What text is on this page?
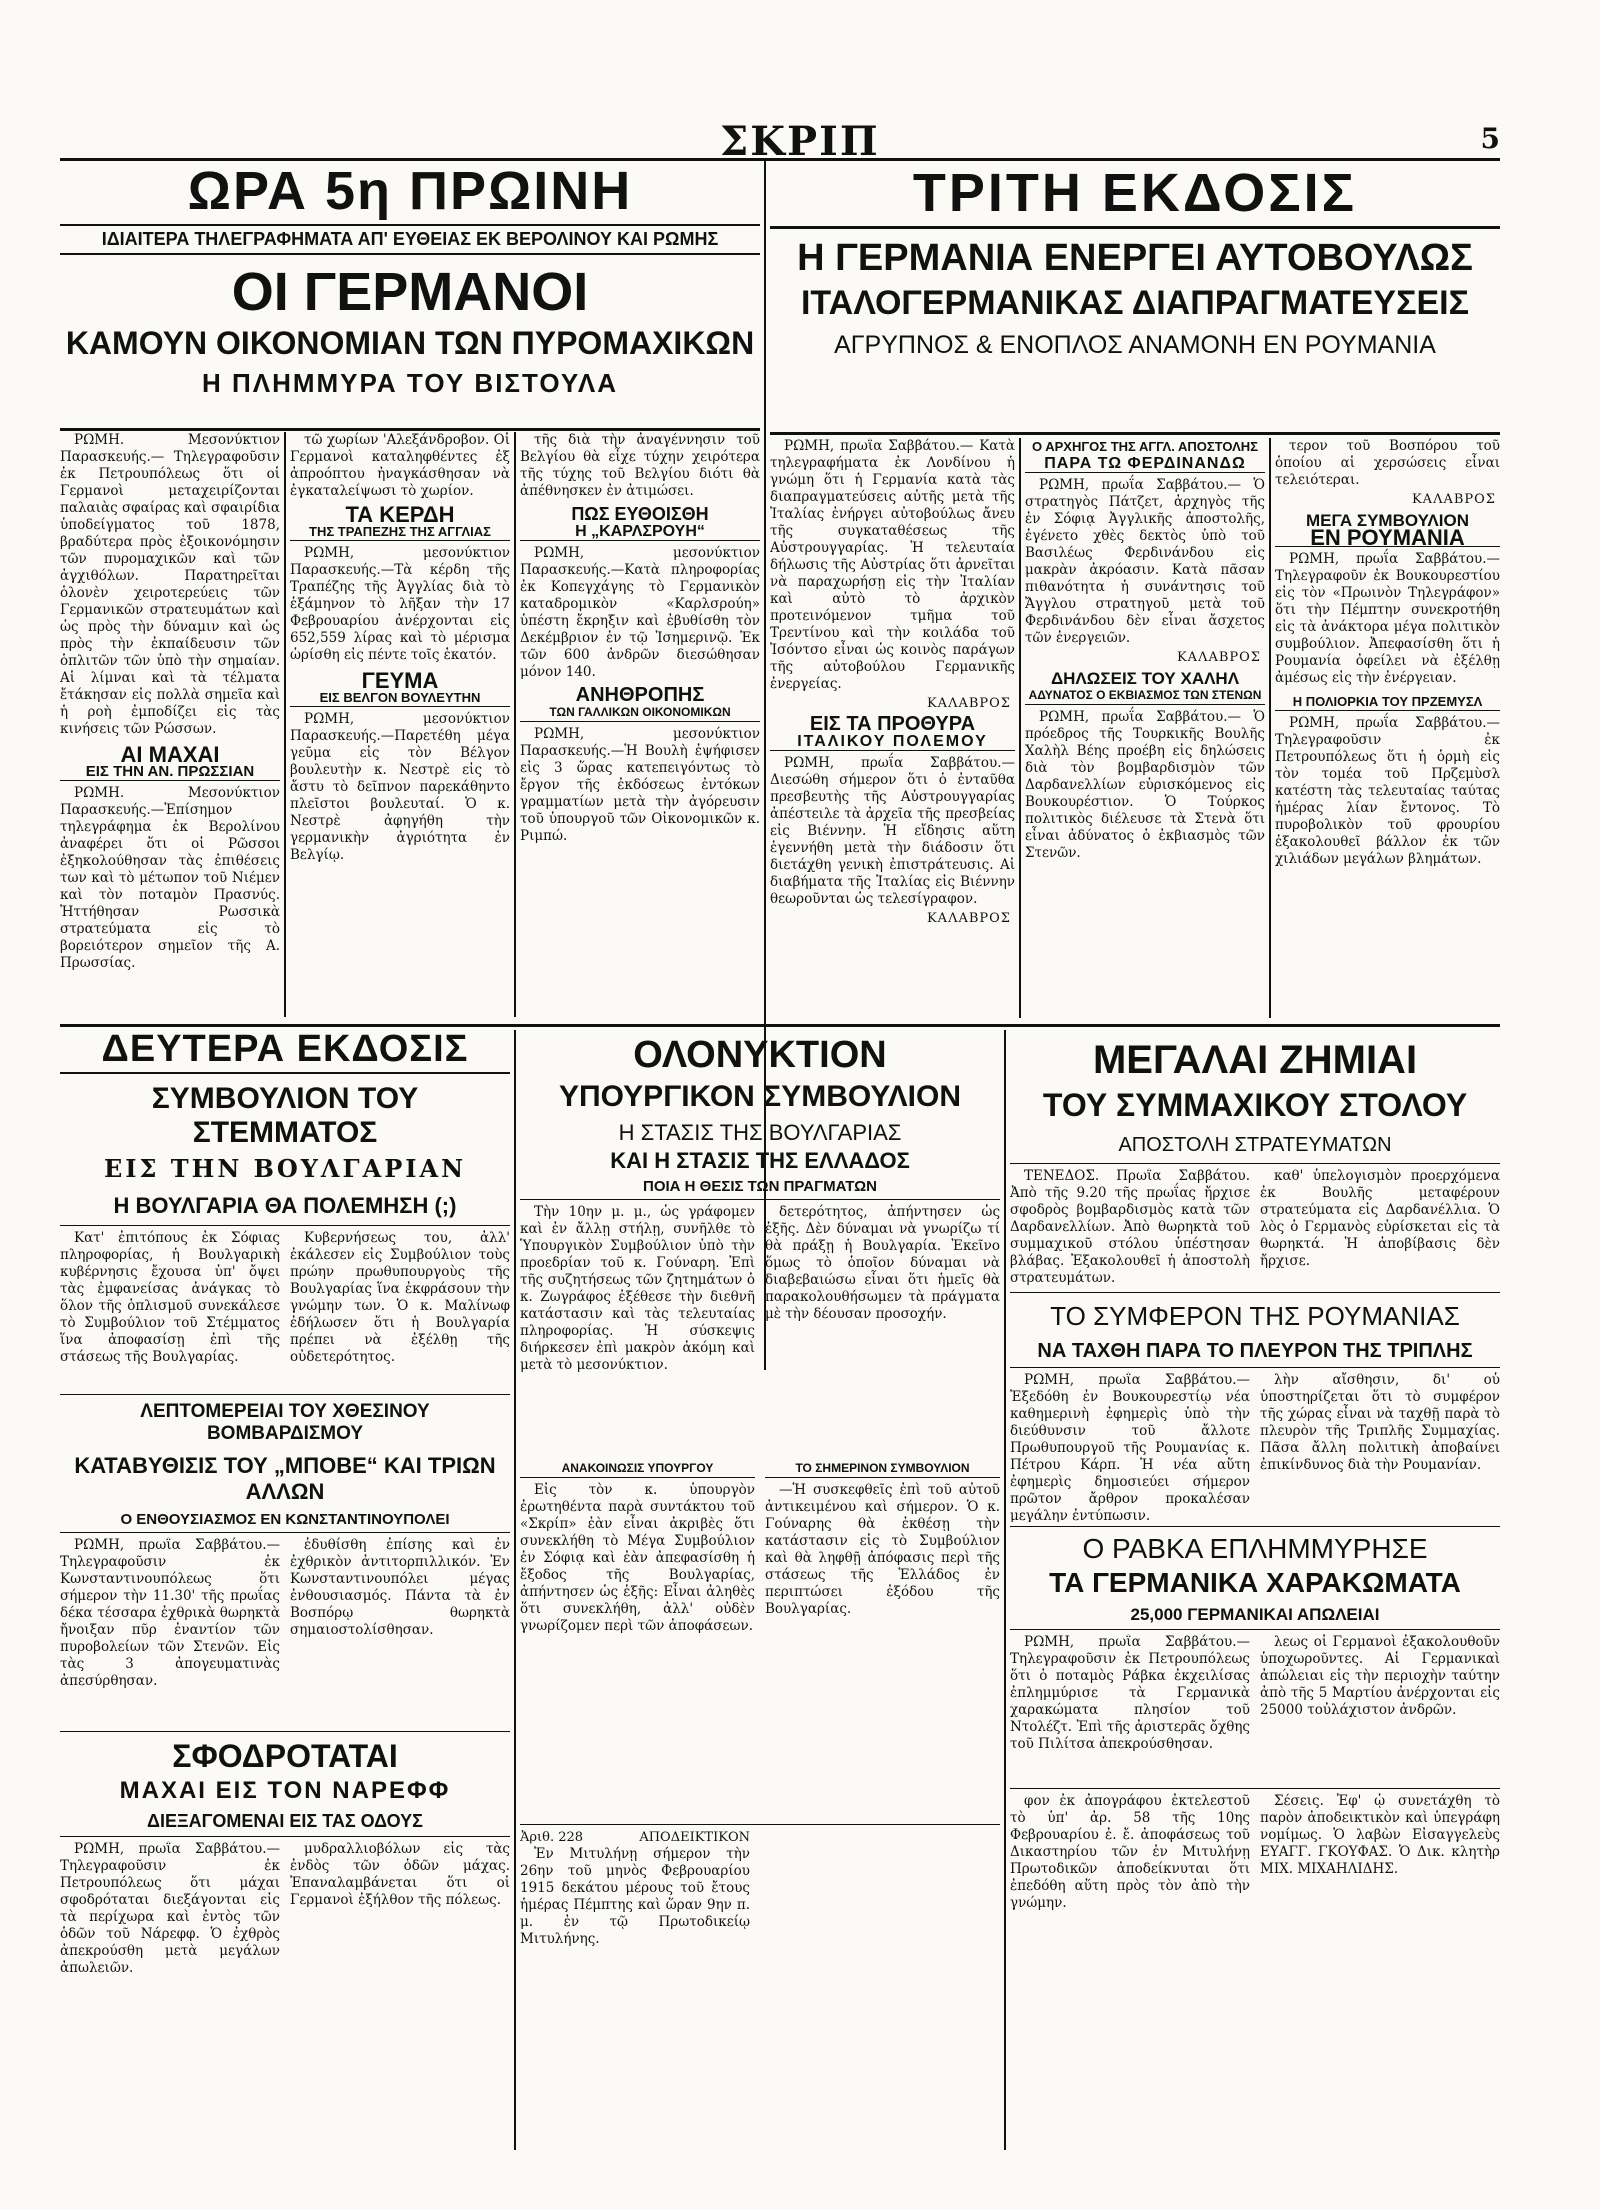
ΣΚΡΙΠ	5
ΩΡΑ 5η ΠΡΩΙΝΗ
ΙΔΙΑΙΤΕΡΑ ΤΗΛΕΓΡΑΦΗΜΑΤΑ ΑΠ' ΕΥΘΕΙΑΣ ΕΚ ΒΕΡΟΛΙΝΟΥ ΚΑΙ ΡΩΜΗΣ
ΟΙ ΓΕΡΜΑΝΟΙ
ΚΑΜΟΥΝ ΟΙΚΟΝΟΜΙΑΝ ΤΩΝ ΠΥΡΟΜΑΧΙΚΩΝ
Η ΠΛΗΜΜΥΡΑ ΤΟΥ ΒΙΣΤΟΥΛΑ

ΡΩΜΗ. Μεσονύκτιον Παρασκευής.— Τηλεγραφοῦσιν ἐκ Πετρουπόλεως ὅτι οἱ Γερμανοὶ μεταχειρίζονται παλαιὰς σφαίρας καὶ σφαιρίδια ὑποδείγματος τοῦ 1878, βραδύτερα πρὸς ἐξοικονόμησιν τῶν πυρομαχικῶν καὶ τῶν ἀγχιθόλων. Παρατηρεῖται ὁλονὲν χειροτερεύεις τῶν Γερμανικῶν στρατευμάτων καὶ ὡς πρὸς τὴν δύναμιν καὶ ὡς πρὸς τὴν ἐκπαίδευσιν τῶν ὁπλιτῶν τῶν ὑπὸ τὴν σημαίαν. Αἱ λίμναι καὶ τὰ τέλματα ἔτάκησαν εἰς πολλὰ σημεῖα καὶ ἡ ροὴ ἐμποδίζει εἰς τὰς κινήσεις τῶν Ρώσσων.

ΑΙ ΜΑΧΑΙ
ΕΙΣ ΤΗΝ ΑΝ. ΠΡΩΣΣΙΑΝ

ΡΩΜΗ. Μεσονύκτιον Παρασκευής.—Ἐπίσημον τηλεγράφημα ἐκ Βερολίνου ἀναφέρει ὅτι οἱ Ρῶσσοι ἐξηκολούθησαν τὰς ἐπιθέσεις των καὶ τὸ μέτωπον τοῦ Νιέμεν καὶ τὸν ποταμὸν Πρασνύς. Ἠττήθησαν Ρωσσικὰ στρατεύματα εἰς τὸ βορειότερον σημεῖον τῆς Α. Πρωσσίας.

τῶ χωρίων 'Αλεξάνδροβον. Οἱ Γερμανοὶ καταληφθέντες ἐξ ἀπροόπτου ἠναγκάσθησαν νὰ ἐγκαταλείψωσι τὸ χωρίον.

ΤΑ ΚΕΡΔΗ
ΤΗΣ ΤΡΑΠΕΖΗΣ ΤΗΣ ΑΓΓΛΙΑΣ

ΡΩΜΗ, μεσονύκτιον Παρασκευής.—Τὰ κέρδη τῆς Τραπέζης τῆς Ἀγγλίας διὰ τὸ ἑξάμηνον τὸ λῆξαν τὴν 17 Φεβρουαρίου ἀνέρχονται εἰς 652,559 λίρας καὶ τὸ μέρισμα ὡρίσθη εἰς πέντε τοῖς ἑκατόν.

ΓΕΥΜΑ
ΕΙΣ ΒΕΛΓΟΝ ΒΟΥΛΕΥΤΗΝ

ΡΩΜΗ, μεσονύκτιον Παρασκευής.—Παρετέθη μέγα γεῦμα εἰς τὸν Βέλγον βουλευτὴν κ. Νεστρὲ εἰς τὸ ἄστυ τὸ δεῖπνον παρεκάθηντο πλεῖστοι βουλευταί. Ὁ κ. Νεστρὲ ἀφηγήθη τὴν γερμανικὴν ἀγριότητα ἐν Βελγίῳ.

τῆς διὰ τὴν ἀναγέννησιν τοῦ Βελγίου θὰ εἶχε τύχην χειρότερα τῆς τύχης τοῦ Βελγίου διότι θὰ ἀπέθνησκεν ἐν ἀτιμώσει.

ΠΩΣ ΕΥΘΟΙΣΘΗ
Η „ΚΑΡΛΣΡΟΥΗ“

ΡΩΜΗ, μεσονύκτιον Παρασκευής.—Κατὰ πληροφορίας ἐκ Κοπεγχάγης τὸ Γερμανικὸν καταδρομικὸν «Καρλσρούη» ὑπέστη ἔκρηξιν καὶ ἐβυθίσθη τὸν Δεκέμβριον ἐν τῷ Ἰσημερινῷ. Ἐκ τῶν 600 ἀνδρῶν διεσώθησαν μόνον 140.

ΑΝΗΘΡΟΠΗΣ
ΤΩΝ ΓΑΛΛΙΚΩΝ ΟΙΚΟΝΟΜΙΚΩΝ

ΡΩΜΗ, μεσονύκτιον Παρασκευής.—Ἡ Βουλὴ ἐψήφισεν εἰς 3 ὥρας κατεπειγόντως τὸ ἔργον τῆς ἐκδόσεως ἐντόκων γραμματίων μετὰ τὴν ἀγόρευσιν τοῦ ὑπουργοῦ τῶν Οἰκονομικῶν κ. Ριμπώ.

ΤΡΙΤΗ ΕΚΔΟΣΙΣ
Η ΓΕΡΜΑΝΙΑ ΕΝΕΡΓΕΙ ΑΥΤΟΒΟΥΛΩΣ
ΙΤΑΛΟΓΕΡΜΑΝΙΚΑΣ ΔΙΑΠΡΑΓΜΑΤΕΥΣΕΙΣ
ΑΓΡΥΠΝΟΣ & ΕΝΟΠΛΟΣ ΑΝΑΜΟΝΗ ΕΝ ΡΟΥΜΑΝΙΑ

ΡΩΜΗ, πρωΐα Σαββάτου.— Κατὰ τηλεγραφήματα ἐκ Λονδίνου ἡ γνώμη ὅτι ἡ Γερμανία κατὰ τὰς διαπραγματεύσεις αὐτῆς μετὰ τῆς Ἰταλίας ἐνήργει αὐτοβούλως ἄνευ τῆς συγκαταθέσεως τῆς Αὐστρουγγαρίας. Ἡ τελευταία δήλωσις τῆς Αὐστρίας ὅτι ἀρνεῖται νὰ παραχωρήσῃ εἰς τὴν Ἰταλίαν καὶ αὐτὸ τὸ ἀρχικὸν προτεινόμενον τμῆμα τοῦ Τρεντίνου καὶ τὴν κοιλάδα τοῦ Ἰσόντσο εἶναι ὡς κοινὸς παράγων τῆς αὐτοβούλου Γερμανικῆς ἐνεργείας.

ΚΑΛΑΒΡΟΣ
ΕΙΣ ΤΑ ΠΡΟΘΥΡΑ
ΙΤΑΛΙΚΟΥ ΠΟΛΕΜΟΥ

ΡΩΜΗ, πρωΐα Σαββάτου.— Διεσώθη σήμερον ὅτι ὁ ἐνταῦθα πρεσβευτὴς τῆς Αὐστρουγγαρίας ἀπέστειλε τὰ ἀρχεῖα τῆς πρεσβείας εἰς Βιέννην. Ἡ εἴδησις αὕτη ἐγεννήθη μετὰ τὴν διάδοσιν ὅτι διετάχθη γενικὴ ἐπιστράτευσις. Αἱ διαβήματα τῆς Ἰταλίας εἰς Βιέννην θεωροῦνται ὡς τελεσίγραφον.

ΚΑΛΑΒΡΟΣ
Ο ΑΡΧΗΓΟΣ ΤΗΣ ΑΓΓΛ. ΑΠΟΣΤΟΛΗΣ
ΠΑΡΑ ΤΩ ΦΕΡΔΙΝΑΝΔΩ

ΡΩΜΗ, πρωΐα Σαββάτου.— Ὁ στρατηγὸς Πάτζετ, ἀρχηγὸς τῆς ἐν Σόφιᾳ Ἀγγλικῆς ἀποστολῆς, ἐγένετο χθὲς δεκτὸς ὑπὸ τοῦ Βασιλέως Φερδινάνδου εἰς μακρὰν ἀκρόασιν. Κατὰ πᾶσαν πιθανότητα ἡ συνάντησις τοῦ Ἄγγλου στρατηγοῦ μετὰ τοῦ Φερδινάνδου δὲν εἶναι ἄσχετος τῶν ἐνεργειῶν.

ΚΑΛΑΒΡΟΣ
ΔΗΛΩΣΕΙΣ ΤΟΥ ΧΑΛΗΛ
ΑΔΥΝΑΤΟΣ Ο ΕΚΒΙΑΣΜΟΣ ΤΩΝ ΣΤΕΝΩΝ

ΡΩΜΗ, πρωΐα Σαββάτου.— Ὁ πρόεδρος τῆς Τουρκικῆς Βουλῆς Χαλὴλ Βέης προέβη εἰς δηλώσεις διὰ τὸν βομβαρδισμὸν τῶν Δαρδανελλίων εὑρισκόμενος εἰς Βουκουρέστιον. Ὁ Τούρκος πολιτικὸς διέλευσε τὰ Στενὰ ὅτι εἶναι ἀδύνατος ὁ ἐκβιασμὸς τῶν Στενῶν.

τερον τοῦ Βοσπόρου τοῦ ὁποίου αἱ χερσώσεις εἶναι τελειότεραι.

ΚΑΛΑΒΡΟΣ
ΜΕΓΑ ΣΥΜΒΟΥΛΙΟΝ
ΕΝ ΡΟΥΜΑΝΙΑ

ΡΩΜΗ, πρωΐα Σαββάτου.— Τηλεγραφοῦν ἐκ Βουκουρεστίου εἰς τὸν «Πρωινὸν Τηλεγράφον» ὅτι τὴν Πέμπτην συνεκροτήθη εἰς τὰ ἀνάκτορα μέγα πολιτικὸν συμβούλιον. Ἀπεφασίσθη ὅτι ἡ Ρουμανία ὀφείλει νὰ ἐξέλθῃ ἀμέσως εἰς τὴν ἐνέργειαν.

Η ΠΟΛΙΟΡΚΙΑ ΤΟΥ ΠΡΖΕΜΥΣΛ

ΡΩΜΗ, πρωΐα Σαββάτου.— Τηλεγραφοῦσιν ἐκ Πετρουπόλεως ὅτι ἡ ὁρμὴ εἰς τὸν τομέα τοῦ Πρζεμὺσλ κατέστη τὰς τελευταίας ταύτας ἡμέρας λίαν ἔντονος. Τὸ πυροβολικὸν τοῦ φρουρίου ἐξακολουθεῖ βάλλον ἐκ τῶν χιλιάδων μεγάλων βλημάτων.

ΔΕΥΤΕΡΑ ΕΚΔΟΣΙΣ
ΣΥΜΒΟΥΛΙΟΝ ΤΟΥ ΣΤΕΜΜΑΤΟΣ
ΕΙΣ ΤΗΝ ΒΟΥΛΓΑΡΙΑΝ
Η ΒΟΥΛΓΑΡΙΑ ΘΑ ΠΟΛΕΜΗΣΗ (;)

Κατ' ἐπιτόπους ἐκ Σόφιας πληροφορίας, ἡ Βουλγαρικὴ κυβέρνησις ἔχουσα ὑπ' ὄψει τὰς ἐμφανείσας ἀνάγκας τὸ ὅλον τῆς ὁπλισμοῦ συνεκάλεσε τὸ Συμβούλιον τοῦ Στέμματος ἵνα ἀποφασίσῃ ἐπὶ τῆς στάσεως τῆς Βουλγαρίας.

Κυβερνήσεως του, ἀλλ' ἐκάλεσεν εἰς Συμβούλιον τοὺς πρώην πρωθυπουργοὺς τῆς Βουλγαρίας ἵνα ἐκφράσουν τὴν γνώμην των. Ὁ κ. Μαλίνωφ ἐδήλωσεν ὅτι ἡ Βουλγαρία πρέπει νὰ ἐξέλθῃ τῆς οὐδετερότητος.

ΛΕΠΤΟΜΕΡΕΙΑΙ ΤΟΥ ΧΘΕΣΙΝΟΥ ΒΟΜΒΑΡΔΙΣΜΟΥ
ΚΑΤΑΒΥΘΙΣΙΣ ΤΟΥ „ΜΠΟΒΕ“ ΚΑΙ ΤΡΙΩΝ ΑΛΛΩΝ
Ο ΕΝΘΟΥΣΙΑΣΜΟΣ ΕΝ ΚΩΝΣΤΑΝΤΙΝΟΥΠΟΛΕΙ

ΡΩΜΗ, πρωΐα Σαββάτου.— Τηλεγραφοῦσιν ἐκ Κωνσταντινουπόλεως ὅτι σήμερον τὴν 11.30' τῆς πρωΐας δέκα τέσσαρα ἐχθρικὰ θωρηκτὰ ἤνοιξαν πῦρ ἐναντίον τῶν πυροβολείων τῶν Στενῶν. Εἰς τὰς 3 ἀπογευματινὰς ἀπεσύρθησαν.

ἐδυθίσθη ἐπίσης καὶ ἐν ἐχθρικὸν ἀντιτορπιλλικόν. Ἐν Κωνσταντινουπόλει μέγας ἐνθουσιασμός. Πάντα τὰ ἐν Βοσπόρῳ θωρηκτὰ σημαιοστολίσθησαν.

ΣΦΟΔΡΟΤΑΤΑΙ
ΜΑΧΑΙ ΕΙΣ ΤΟΝ ΝΑΡΕΦΦ
ΔΙΕΞΑΓΟΜΕΝΑΙ ΕΙΣ ΤΑΣ ΟΔΟΥΣ

ΡΩΜΗ, πρωΐα Σαββάτου.— Τηλεγραφοῦσιν ἐκ Πετρουπόλεως ὅτι μάχαι σφοδρόταται διεξάγονται εἰς τὰ περίχωρα καὶ ἐντὸς τῶν ὁδῶν τοῦ Νάρεφφ. Ὁ ἐχθρὸς ἀπεκρούσθη μετὰ μεγάλων ἀπωλειῶν.

μυδραλλιοβόλων εἰς τὰς ἐνδὸς τῶν ὁδῶν μάχας. Ἐπαναλαμβάνεται ὅτι οἱ Γερμανοὶ ἐξήλθον τῆς πόλεως.

ΟΛΟΝΥΚΤΙΟΝ
ΥΠΟΥΡΓΙΚΟΝ ΣΥΜΒΟΥΛΙΟΝ
Η ΣΤΑΣΙΣ ΤΗΣ ΒΟΥΛΓΑΡΙΑΣ
ΚΑΙ Η ΣΤΑΣΙΣ ΤΗΣ ΕΛΛΑΔΟΣ
ΠΟΙΑ Η ΘΕΣΙΣ ΤΩΝ ΠΡΑΓΜΑΤΩΝ

Τὴν 10ην μ. μ., ὡς γράφομεν καὶ ἐν ἄλλῃ στήλῃ, συνῆλθε τὸ Ὑπουργικὸν Συμβούλιον ὑπὸ τὴν προεδρίαν τοῦ κ. Γούναρη. Ἐπὶ τῆς συζητήσεως τῶν ζητημάτων ὁ κ. Ζωγράφος ἐξέθεσε τὴν διεθνῆ κατάστασιν καὶ τὰς τελευταίας πληροφορίας. Ἡ σύσκεψις διήρκεσεν ἐπὶ μακρὸν ἀκόμη καὶ μετὰ τὸ μεσονύκτιον.

δετερότητος, ἀπήντησεν ὡς ἑξῆς. Δὲν δύναμαι νὰ γνωρίζω τί θὰ πράξῃ ἡ Βουλγαρία. Ἐκεῖνο ὅμως τὸ ὁποῖον δύναμαι νὰ διαβεβαιώσω εἶναι ὅτι ἡμεῖς θὰ παρακολουθήσωμεν τὰ πράγματα μὲ τὴν δέουσαν προσοχήν.

ΑΝΑΚΟΙΝΩΣΙΣ ΥΠΟΥΡΓΟΥ

Εἰς τὸν κ. ὑπουργὸν ἐρωτηθέντα παρὰ συντάκτου τοῦ «Σκρίπ» ἐὰν εἶναι ἀκριβὲς ὅτι συνεκλήθη τὸ Μέγα Συμβούλιον ἐν Σόφιᾳ καὶ ἐὰν ἀπεφασίσθη ἡ ἔξοδος τῆς Βουλγαρίας, ἀπήντησεν ὡς ἑξῆς: Εἶναι ἀληθὲς ὅτι συνεκλήθη, ἀλλ' οὐδὲν γνωρίζομεν περὶ τῶν ἀποφάσεων.

ΤΟ ΣΗΜΕΡΙΝΟΝ ΣΥΜΒΟΥΛΙΟΝ

—Ἡ συσκεφθεῖς ἐπὶ τοῦ αὐτοῦ ἀντικειμένου καὶ σήμερον. Ὁ κ. Γούναρης θὰ ἐκθέσῃ τὴν κατάστασιν εἰς τὸ Συμβούλιον καὶ θὰ ληφθῇ ἀπόφασις περὶ τῆς στάσεως τῆς Ἑλλάδος ἐν περιπτώσει ἐξόδου τῆς Βουλγαρίας.

Ἀριθ. 228	ΑΠΟΔΕΙΚΤΙΚΟΝ

Ἐν Μιτυλήνῃ σήμερον τὴν 26ην τοῦ μηνὸς Φεβρουαρίου 1915 δεκάτου μέρους τοῦ ἔτους ἡμέρας Πέμπτης καὶ ὥραν 9ην π. μ. ἐν τῷ Πρωτοδικείῳ Μιτυλήνης.

ΜΕΓΑΛΑΙ ΖΗΜΙΑΙ
ΤΟΥ ΣΥΜΜΑΧΙΚΟΥ ΣΤΟΛΟΥ
ΑΠΟΣΤΟΛΗ ΣΤΡΑΤΕΥΜΑΤΩΝ

ΤΕΝΕΔΟΣ. Πρωΐα Σαββάτου. Ἀπὸ τῆς 9.20 τῆς πρωΐας ἤρχισε σφοδρὸς βομβαρδισμὸς κατὰ τῶν Δαρδανελλίων. Ἀπὸ θωρηκτὰ τοῦ συμμαχικοῦ στόλου ὑπέστησαν βλάβας. Ἐξακολουθεῖ ἡ ἀποστολὴ στρατευμάτων.

καθ' ὑπελογισμὸν προερχόμενα ἐκ Βουλῆς μεταφέρουν στρατεύματα εἰς Δαρδανέλλια. Ὁ λὸς ὁ Γερμανὸς εὑρίσκεται εἰς τὰ θωρηκτά. Ἡ ἀποβίβασις δὲν ἤρχισε.

ΤΟ ΣΥΜΦΕΡΟΝ ΤΗΣ ΡΟΥΜΑΝΙΑΣ
ΝΑ ΤΑΧΘΗ ΠΑΡΑ ΤΟ ΠΛΕΥΡΟΝ ΤΗΣ ΤΡΙΠΛΗΣ

ΡΩΜΗ, πρωΐα Σαββάτου.—Ἐξεδόθη ἐν Βουκουρεστίῳ νέα καθημερινὴ ἐφημερὶς ὑπὸ τὴν διεύθυνσιν τοῦ ἄλλοτε Πρωθυπουργοῦ τῆς Ρουμανίας κ. Πέτρου Κάρπ. Ἡ νέα αὕτη ἐφημερὶς δημοσιεύει σήμερον πρῶτον ἄρθρον προκαλέσαν μεγάλην ἐντύπωσιν.

λὴν αἴσθησιν, δι' οὗ ὑποστηρίζεται ὅτι τὸ συμφέρον τῆς χώρας εἶναι νὰ ταχθῇ παρὰ τὸ πλευρὸν τῆς Τριπλῆς Συμμαχίας. Πᾶσα ἄλλη πολιτικὴ ἀποβαίνει ἐπικίνδυνος διὰ τὴν Ρουμανίαν.

Ο ΡΑΒΚΑ ΕΠΛΗΜΜΥΡΗΣΕ
ΤΑ ΓΕΡΜΑΝΙΚΑ ΧΑΡΑΚΩΜΑΤΑ
25,000 ΓΕΡΜΑΝΙΚΑΙ ΑΠΩΛΕΙΑΙ

ΡΩΜΗ, πρωΐα Σαββάτου.— Τηλεγραφοῦσιν ἐκ Πετρουπόλεως ὅτι ὁ ποταμὸς Ράβκα ἐκχειλίσας ἐπλημμύρισε τὰ Γερμανικὰ χαρακώματα πλησίον τοῦ Ντολέζτ. Ἐπὶ τῆς ἀριστερᾶς ὄχθης τοῦ Πιλίτσα ἀπεκρούσθησαν.

λεως οἱ Γερμανοὶ ἐξακολουθοῦν ὑποχωροῦντες. Αἱ Γερμανικαὶ ἀπώλειαι εἰς τὴν περιοχὴν ταύτην ἀπὸ τῆς 5 Μαρτίου ἀνέρχονται εἰς 25000 τοὐλάχιστον ἀνδρῶν.

φον ἐκ ἀπογράφου ἐκτελεστοῦ τὸ ὑπ' ἀρ. 58 τῆς 10ης Φεβρουαρίου ἐ. ἔ. ἀποφάσεως τοῦ Δικαστηρίου τῶν ἐν Μιτυλήνῃ Πρωτοδικῶν ἀποδείκνυται ὅτι ἐπεδόθη αὕτη πρὸς τὸν ἀπὸ τὴν γνώμην.

Σέσεις. Ἐφ' ᾧ συνετάχθη τὸ παρὸν ἀποδεικτικὸν καὶ ὑπεγράφη νομίμως. Ὁ λαβὼν Εἰσαγγελεὺς ΕΥΑΓΓ. ΓΚΟΥΦΑΣ. Ὁ Δικ. κλητὴρ ΜΙΧ. ΜΙΧΑΗΛΙΔΗΣ.
